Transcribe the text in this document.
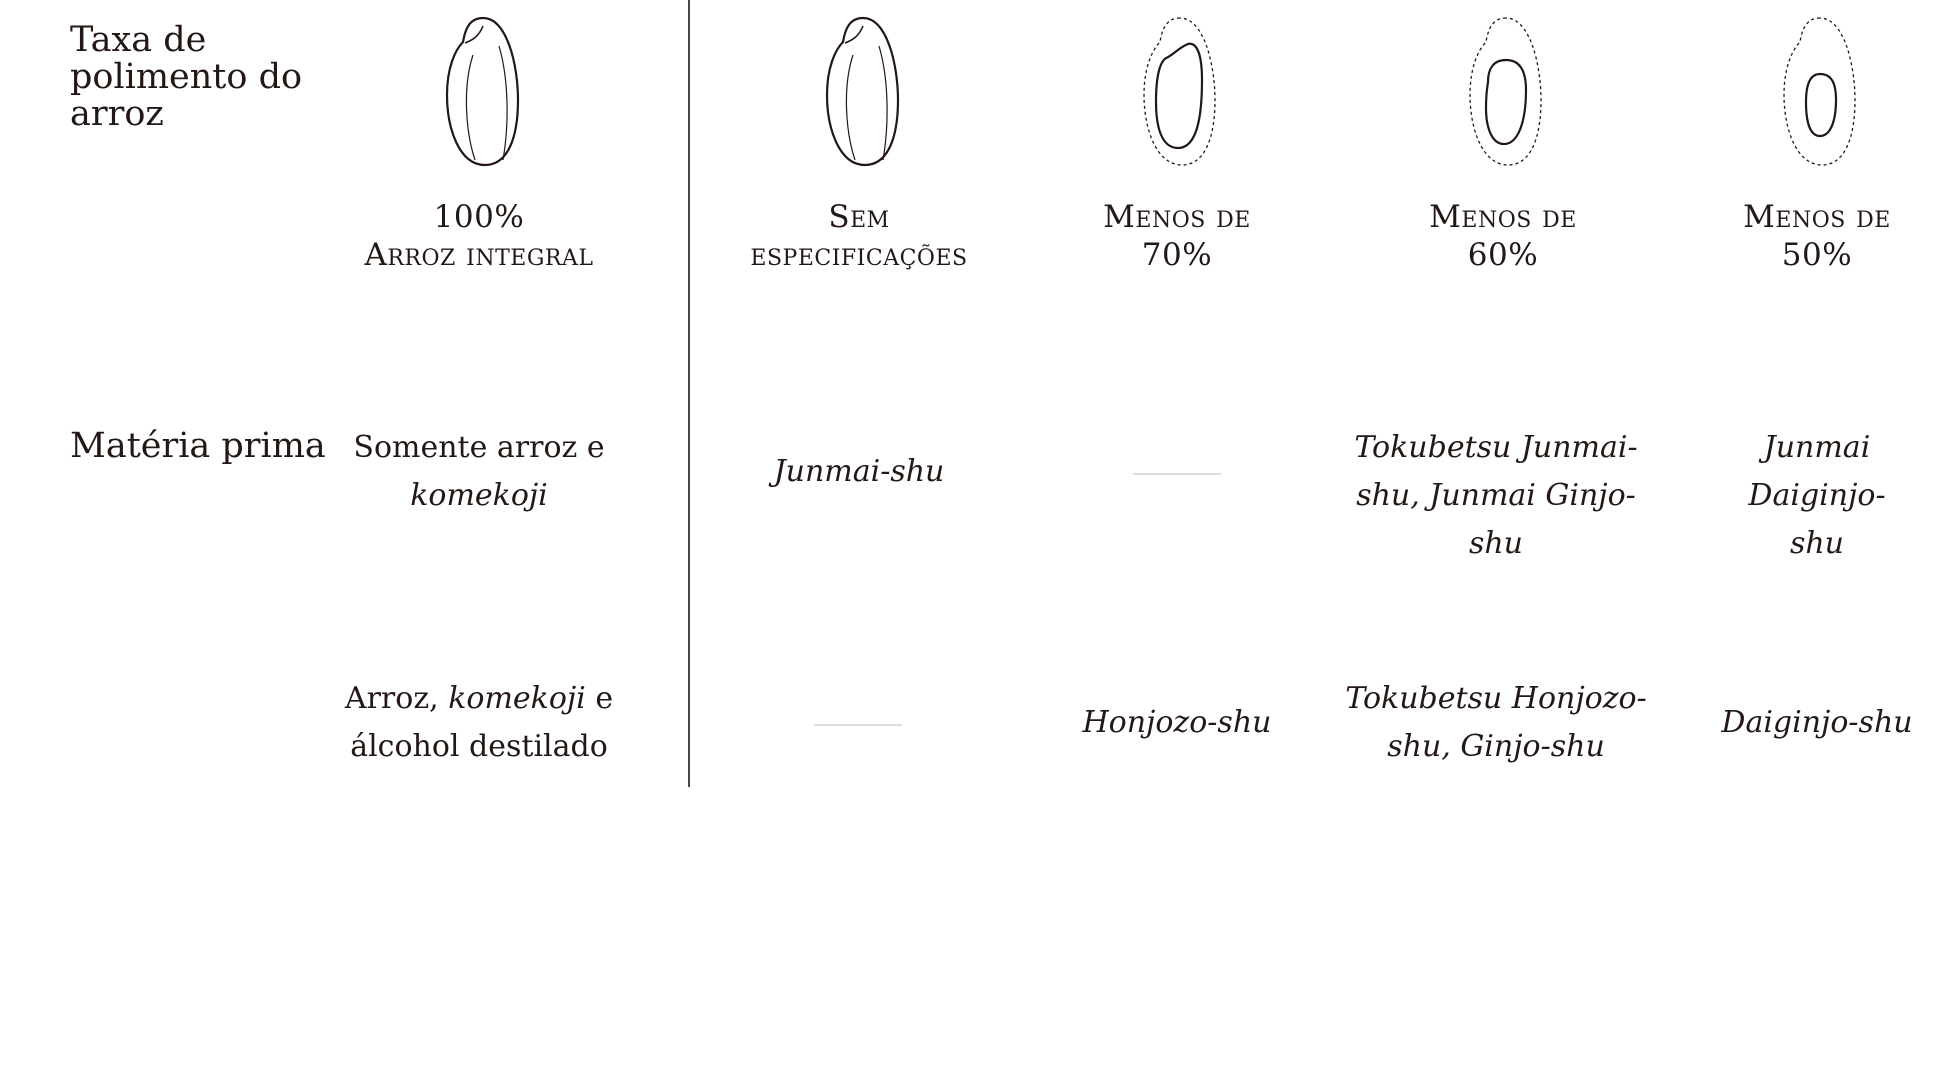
Taxa de polimento do arroz
Matéria prima
100%
Arroz integral
Sem
especificações
Menos de
70%
Menos de
60%
Menos de
50%
Somente arroz e
komekoji
Junmai-shu
Tokubetsu Junmai-shu, Junmai Ginjo-shu
Junmai Daiginjo-shu
Arroz, komekoji e
álcohol destilado
Honjozo-shu
Tokubetsu Honjozo-shu, Ginjo-shu
Daiginjo-shu
